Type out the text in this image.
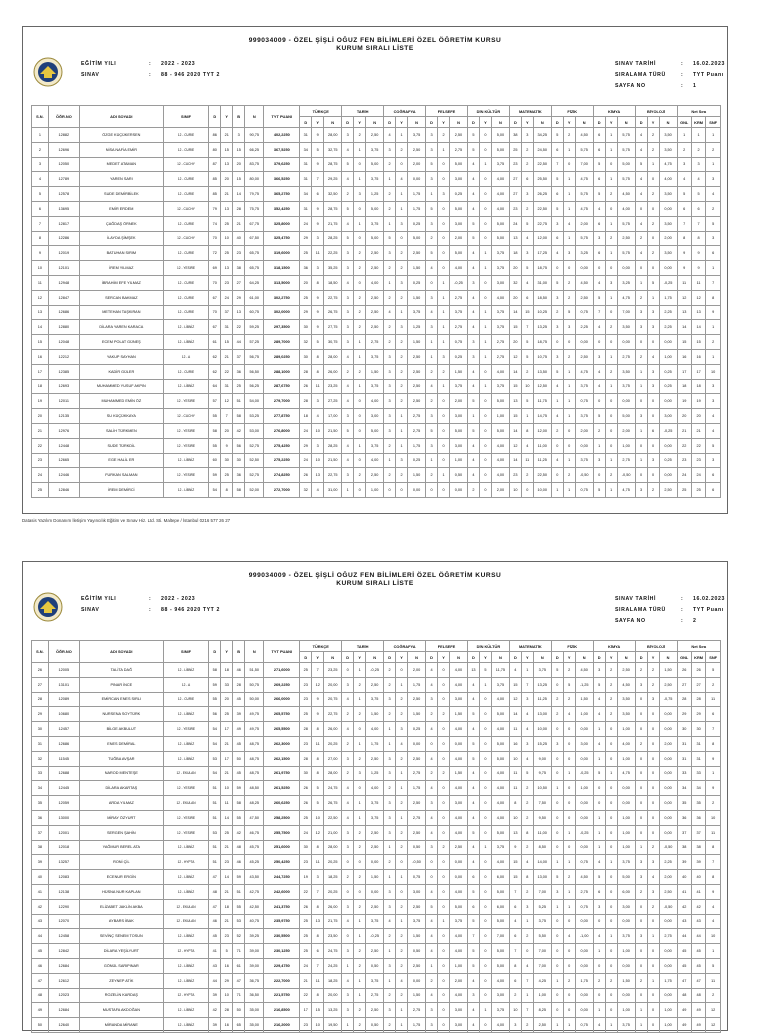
999034009 - ÖZEL ŞİŞLİ OĞUZ FEN BİLİMLERİ ÖZEL ÖĞRETİM KURSU
KURUM SIRALI LİSTE
EĞİTİM YILI	:	2022 - 2023
SINAV	:	88 - 946 2020 TYT 2
SINAV TARİHİ	:	16.02.2023
SIRALAMA TÜRÜ	:	TYT Puanı
SAYFA NO	:	1
S.N.	ÖĞR.NO	ADI SOYADI	SINIF	D	Y	B	N	TYT PUANI	TÜRKÇE			TARİH			COĞRAFYA			FELSEFE			DİN KÜLTÜR			MATEMATİK			FİZİK			KİMYA			BİYOLOJİ			Net Sıra		
									D	Y	N	D	Y	N	D	Y	N	D	Y	N	D	Y	N	D	Y	N	D	Y	N	D	Y	N	D	Y	N	GNL	KRM	SNF
1	12882	ÖZGE KÜÇÜKERSEN	12 - CURIE	86	21	3	90,75	402,2250	31	9	28,00	3	2	2,50	4	1	3,75	3	2	2,50	5	0	5,00	38	3	34,25	5	2	4,50	6	1	5,75	4	2	3,50	1	1	1
2	12696	NİSA NAFİA EMİR	12 - CURIE	80	15	15	66,25	367,5250	34	5	32,75	4	1	3,75	3	2	2,50	3	1	2,75	5	0	5,00	25	2	24,50	6	1	5,75	6	1	5,75	4	2	3,50	2	2	2
3	12050	MEDET ATAMAN	12 - CUCHY	87	13	20	83,75	379,6250	31	9	28,75	5	0	5,00	2	0	2,00	5	0	5,00	4	1	3,75	23	2	22,50	7	0	7,00	5	0	5,00	5	1	4,75	3	3	1
4	12789	YAREN SARI	12 - CURIE	85	20	15	80,00	366,5250	31	7	29,25	4	1	3,75	1	4	0,00	3	0	3,00	4	0	4,00	27	6	25,50	5	1	4,75	6	1	5,75	4	0	4,00	4	4	3
5	12578	SUDE DEMİRBİLEK	12 - CURIE	85	21	14	79,75	365,2750	34	6	32,50	2	3	1,25	2	1	1,75	1	3	0,25	4	0	4,00	27	3	26,25	6	1	5,75	5	2	4,50	4	2	3,50	5	5	4
6	13695	EMİR ERDEM	12 - CUCHY	79	13	28	75,75	352,4250	31	9	28,75	5	0	5,00	2	1	1,75	5	0	5,00	4	0	4,00	23	2	22,50	5	1	4,75	4	0	4,00	0	0	0,00	6	6	2
7	12817	ÇAĞDAŞ ÖRNEK	12 - CURIE	74	25	21	67,75	325,8000	24	9	21,75	4	1	3,75	1	3	0,25	3	0	3,00	5	0	5,00	24	5	22,75	3	4	2,00	6	1	5,75	4	2	3,50	7	7	5
8	12286	İLAYDA ŞİMŞEK	12 - CUCHY	70	10	40	67,50	325,4750	29	3	28,25	5	0	5,00	5	0	5,00	2	0	2,00	5	0	5,00	13	4	12,00	6	1	5,75	3	2	2,50	2	0	2,00	8	8	3
9	12019	BATUHAN SIRIM	12 - CURIE	72	25	23	65,75	319,6000	25	11	22,25	3	2	2,50	3	2	2,50	5	0	5,00	4	1	3,75	18	3	17,25	4	3	3,25	6	1	5,75	4	2	3,50	9	9	6
10	12101	İREM YILMAZ	12 - YESIRE	69	13	38	65,75	318,1500	36	3	35,25	3	2	2,50	2	2	1,50	4	0	4,00	4	1	3,75	20	5	18,75	0	0	0,00	0	0	0,00	0	0	0,00	9	9	1
11	12948	İBRAHİM EFE YILMAZ	12 - CURIE	70	23	27	64,25	313,5000	20	8	18,50	4	0	4,00	1	3	0,25	0	1	-0,25	3	0	3,00	32	4	31,00	5	2	4,50	4	3	3,25	1	5	-0,25	11	11	7
12	12847	SERCAN BAKMAZ	12 - CURIE	67	24	29	61,00	302,2750	25	9	22,75	3	2	2,50	2	2	1,50	3	1	2,75	4	0	4,00	20	6	18,50	3	2	2,50	5	1	4,75	2	1	1,75	12	12	8
13	12686	METEHAN TAŞKIRAN	12 - CURIE	70	37	13	60,75	302,0000	29	9	26,75	3	2	2,50	4	1	3,75	4	1	3,75	4	1	3,75	14	15	10,25	2	5	0,75	7	0	7,00	3	3	2,25	13	13	9
14	12880	DİLARA YAREN KARACA	12 - LİBNİZ	67	31	22	59,25	297,3500	30	9	27,75	3	2	2,50	2	3	1,25	3	1	2,75	4	1	3,75	15	7	13,25	3	3	2,25	4	2	3,50	3	3	2,25	14	14	1
15	12048	ECEM POLAT GÜNEŞ	12 - LİBNİZ	61	15	44	57,25	289,7000	32	5	30,75	3	1	2,75	2	2	1,50	1	1	0,75	3	1	2,75	20	5	18,75	0	0	0,00	0	0	0,00	0	0	0,00	15	15	2
16	12212	YAKUP SAYHAN	12 - A	62	21	37	56,75	289,0250	30	8	28,00	4	1	3,75	3	2	2,50	1	3	0,25	3	1	2,75	12	5	10,75	3	2	2,50	3	1	2,75	2	4	1,00	16	16	1
17	12385	KADİR GÜLER	12 - CURIE	62	22	36	56,50	288,1000	28	8	26,00	2	2	1,50	3	2	2,50	2	2	1,50	4	0	4,00	14	2	13,50	5	1	4,75	4	2	3,50	1	3	0,25	17	17	10
18	12693	MUHAMMED YUSUF AKPIN	12 - LİBNİZ	64	31	25	56,25	287,6750	26	11	23,25	4	1	3,75	3	2	2,50	4	1	3,75	4	1	3,75	15	10	12,50	4	1	3,75	4	1	3,75	1	3	0,25	18	18	3
19	12011	MUHAMMED EMİN ÖZ	12 - YESIRE	57	12	51	54,00	279,7000	28	3	27,25	4	0	4,00	3	2	2,50	2	0	2,00	5	0	5,00	13	5	11,75	1	1	0,75	0	0	0,00	0	0	0,00	19	19	3
20	12135	SU KÜÇÜKKAYA	12 - CUCHY	55	7	58	53,25	277,8750	18	4	17,00	3	0	3,00	3	1	2,75	3	0	3,00	1	0	1,00	15	1	14,75	4	1	3,75	5	0	5,00	3	0	3,00	20	20	4
21	12976	SALİH TÜRKMEN	12 - YESIRE	58	20	42	53,00	276,8000	24	10	21,50	5	0	5,00	3	1	2,75	5	0	5,00	5	0	5,00	14	8	12,00	2	0	2,00	2	0	2,00	1	6	-0,25	21	21	4
22	12448	SUDE TÜRKDİL	12 - YESIRE	55	9	56	52,75	275,4250	29	3	28,25	4	1	3,75	2	1	1,75	3	0	3,00	4	0	4,00	12	4	11,00	0	0	0,00	1	0	1,00	0	0	0,00	22	22	5
23	12665	EGE HALİL ER	12 - LİBNİZ	60	30	30	52,50	275,2250	24	10	21,50	4	0	4,00	1	3	0,25	1	0	1,00	4	0	4,00	14	11	11,25	4	1	3,75	3	1	2,75	1	3	0,25	23	23	3
24	12446	FURKAN SALMAN	12 - YESIRE	59	25	36	52,75	274,8250	26	13	22,75	3	2	2,50	2	2	1,50	2	1	0,50	4	0	4,00	23	2	22,50	0	2	-0,50	0	2	-0,50	0	0	0,00	24	24	6
25	12846	İREM DEMİRCİ	12 - LİBNİZ	54	8	58	52,00	272,7000	32	4	31,00	1	0	1,00	0	0	0,00	0	0	0,00	2	0	2,00	10	0	10,00	1	1	0,75	5	1	4,75	3	2	2,50	25	25	6
Datasis Yazılım Donanım İletişim Yayıncılık Eğitim ve Sınav Hiz. Ltd. Sti. Maltepe / İstanbul 0216 577 26 27
999034009 - ÖZEL ŞİŞLİ OĞUZ FEN BİLİMLERİ ÖZEL ÖĞRETİM KURSU
KURUM SIRALI LİSTE
EĞİTİM YILI	:	2022 - 2023
SINAV	:	88 - 946 2020 TYT 2
SINAV TARİHİ	:	16.02.2023
SIRALAMA TÜRÜ	:	TYT Puanı
SAYFA NO	:	2
S.N.	ÖĞR.NO	ADI SOYADI	SINIF	D	Y	B	N	TYT PUANI	TÜRKÇE			TARİH			COĞRAFYA			FELSEFE			DİN KÜLTÜR			MATEMATİK			FİZİK			KİMYA			BİYOLOJİ			Net Sıra		
									D	Y	N	D	Y	N	D	Y	N	D	Y	N	D	Y	N	D	Y	N	D	Y	N	D	Y	N	D	Y	N	GNL	KRM	SNF
26	12005	TALİTA DAĞ	12 - LİBNİZ	58	18	46	51,50	271,6000	25	7	23,25	0	1	-0,25	2	0	2,00	4	0	4,00	13	5	11,75	4	1	3,75	5	2	4,50	3	2	2,50	2	2	1,50	26	26	5
27	13101	PINAR İNCE	12 - A	59	33	28	50,75	269,2250	23	12	20,00	3	2	2,50	2	1	1,75	4	0	4,00	4	1	3,75	15	7	13,25	0	5	-1,25	5	2	4,50	3	2	2,50	27	27	2
28	12089	EMİRCAN ENES SIRLI	12 - CURIE	55	20	45	50,00	266,0000	23	9	20,75	4	1	3,75	3	2	2,50	3	0	3,00	4	0	4,00	12	3	11,25	2	2	1,50	4	2	3,50	0	3	-0,75	28	28	11
29	10680	NURSENA SOYTÜRK	12 - LİBNİZ	56	25	39	49,75	265,5750	25	9	22,75	2	2	1,50	2	2	1,50	2	2	1,50	5	0	5,00	14	4	13,00	2	4	1,00	4	2	3,50	0	0	0,00	29	29	6
30	12457	BİLGE AKBULUT	12 - YESIRE	54	17	49	49,75	265,5500	28	8	26,00	4	0	4,00	1	3	0,25	4	0	4,00	4	0	4,00	11	4	10,00	0	0	0,00	1	0	1,00	0	0	0,00	30	30	7
31	12686	ENES DEMİRAL	12 - LİBNİZ	54	21	45	48,75	262,3000	23	11	20,25	2	1	1,75	1	4	0,00	0	0	0,00	5	0	5,00	16	3	15,25	3	0	3,00	4	0	4,00	2	0	2,00	31	31	8
32	11545	TUĞBA AVŞAR	12 - LİBNİZ	53	17	50	48,75	262,1500	28	8	27,00	3	2	2,50	3	2	2,50	4	0	4,00	5	0	5,00	10	4	9,00	0	0	0,00	1	0	1,00	0	0	0,00	31	31	9
33	12688	NAROD MENTEŞE	12 - EKULAN	54	21	45	48,75	261,9750	30	8	28,00	2	3	1,25	3	1	2,75	2	2	1,50	4	0	4,00	11	5	9,75	0	1	-0,25	5	1	4,75	0	0	0,00	33	33	1
34	12445	DİLARA AKARTAŞ	12 - YESIRE	51	10	59	48,50	261,5250	26	5	24,75	4	0	4,00	2	1	1,75	4	0	4,00	4	0	4,00	11	2	10,50	1	0	1,00	0	0	0,00	0	0	0,00	34	34	9
35	12059	ARDA YILMAZ	12 - EKULAN	51	11	58	48,25	260,6250	26	5	26,75	4	1	3,75	3	2	2,50	3	0	3,00	4	0	4,00	8	2	7,50	0	0	0,00	0	0	0,00	0	0	0,00	35	35	2
36	13000	MİRAY ÖZYURT	12 - YESIRE	51	14	55	47,50	258,2500	25	10	22,50	4	1	3,75	3	1	2,75	4	0	4,00	4	0	4,00	10	2	9,50	0	0	0,00	1	0	1,00	0	0	0,00	36	36	10
37	12001	SERGEN ŞAHİN	12 - YESIRE	53	25	42	46,75	255,7500	24	12	21,00	3	2	2,50	3	2	2,50	4	0	4,00	5	0	5,00	13	8	11,00	0	1	-0,25	1	0	1,00	0	0	0,00	37	37	11
38	12018	YAĞMUR BEREL ATA	12 - LİBNİZ	51	21	48	45,75	251,6000	30	8	28,00	3	2	2,50	1	2	0,50	3	2	2,50	4	1	3,75	9	2	8,50	0	0	0,00	1	0	1,00	1	2	-0,50	38	38	8
39	13257	RONİ ÇİL	12 - HYPTA	51	23	46	45,25	250,4250	23	11	20,25	0	0	0,00	2	0	-0,50	0	0	0,00	4	0	4,00	15	4	14,00	1	1	0,75	4	1	3,75	3	3	2,25	39	39	7
40	12083	ECENUR ERGİN	12 - LİBNİZ	47	14	59	43,50	244,7250	19	3	18,25	2	2	1,50	1	1	0,75	0	0	0,00	6	0	6,00	15	8	13,00	5	2	4,50	5	0	5,00	3	4	2,00	40	40	8
41	12138	HÜSNA NUR KAPLAN	12 - LİBNİZ	48	21	51	42,75	242,6000	22	7	20,25	0	0	0,00	3	0	3,00	4	0	4,00	5	0	5,00	7	2	7,00	3	1	2,75	6	0	6,00	2	3	2,50	41	41	9
42	12290	ELİZABET JAKLİN AKBA	12 - EKULAN	47	18	55	42,50	241,3750	26	8	26,00	3	2	2,50	3	2	2,50	5	0	5,00	6	0	6,00	6	3	5,25	1	1	0,75	3	0	3,00	0	2	-0,50	42	42	4
43	12070	AYBARS İBAK	12 - EKULAN	46	21	53	40,75	235,9750	25	13	21,75	4	1	3,75	4	1	3,75	4	1	3,75	5	0	5,00	4	1	3,75	0	0	0,00	0	0	0,00	0	0	0,00	43	43	4
44	12458	SEVİNÇ SENEM TOSUN	12 - LİBNİZ	45	23	52	39,25	230,5500	25	8	23,50	0	1	-0,25	2	2	1,50	4	0	4,00	7	0	7,00	6	2	5,50	0	4	-1,00	4	1	3,75	3	1	2,75	44	44	10
45	12842	DİLARA YEŞİLYURT	12 - HYPTA	41	5	71	39,00	230,1250	25	6	24,75	3	2	2,50	1	2	0,50	4	0	4,00	5	0	5,00	7	0	7,00	0	0	0,00	1	0	1,00	0	0	0,00	45	45	1
46	12684	GÖNÜL SARIPINAR	12 - LİBNİZ	43	16	61	39,00	229,4750	24	7	24,25	1	2	0,50	3	2	2,50	1	0	1,00	5	0	5,00	8	4	7,00	0	0	0,00	0	0	0,00	0	0	0,00	45	45	5
47	12612	ZEYNEP ATİK	12 - LİBNİZ	44	29	47	36,75	222,7000	21	11	18,25	4	1	3,75	1	4	0,00	2	0	2,00	4	0	4,00	6	7	4,25	1	2	1,75	2	2	1,50	2	1	1,75	47	47	11
48	12023	ROZELİN KARDAŞ	12 - HYPTA	39	10	71	36,50	221,5750	22	8	20,00	3	1	2,75	2	2	1,50	4	0	4,00	3	0	3,00	2	1	1,00	0	0	0,00	0	0	0,00	0	0	0,00	48	48	2
49	12684	MUSTAFA AKDOĞAN	12 - LİBNİZ	42	28	50	35,00	216,8500	17	15	13,25	3	2	2,50	3	1	2,75	3	0	3,00	4	1	3,75	10	7	8,25	0	0	0,00	1	0	1,00	1	0	1,00	49	49	12
50	12640	MİRANDA MİRANE	12 - LİBNİZ	39	16	65	35,00	216,2000	23	10	19,50	1	2	0,50	2	1	1,75	3	0	3,00	4	0	4,00	3	2	2,50	1	1	0,75	4	1	3,75	1	0	1,00	49	49	12
